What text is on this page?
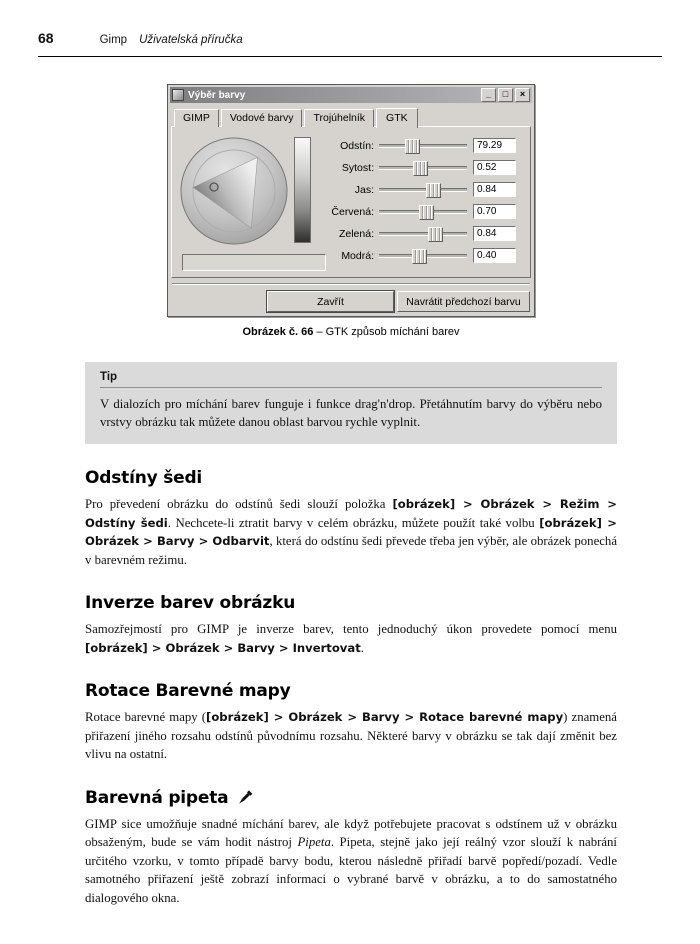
68	Gimp Uživatelská příručka
Výběr barvy	_	□	×
GIMP	Vodové barvy	Trojúhelník	GTK
Odstín:	79.29
Sytost:	0.52
Jas:	0.84
Červená:	0.70
Zelená:	0.84
Modrá:	0.40
Zavřít	Navrátit předchozí barvu
Obrázek č. 66 – GTK způsob míchání barev
Tip

V dialozích pro míchání barev funguje i funkce drag'n'drop. Přetáhnutím barvy do výběru nebo vrstvy obrázku tak můžete danou oblast barvou rychle vyplnit.

Odstíny šedi

Pro převedení obrázku do odstínů šedi slouží položka [obrázek] > Obrázek > Režim > Odstíny šedi. Nechcete-li ztratit barvy v celém obrázku, můžete použít také volbu [obrázek] > Obrázek > Barvy > Odbarvit, která do odstínu šedi převede třeba jen výběr, ale obrázek ponechá v barevném režimu.

Inverze barev obrázku

Samozřejmostí pro GIMP je inverze barev, tento jednoduchý úkon provedete pomocí menu [obrázek] > Obrázek > Barvy > Invertovat.

Rotace Barevné mapy

Rotace barevné mapy ([obrázek] > Obrázek > Barvy > Rotace barevné mapy) znamená přiřazení jiného rozsahu odstínů původnímu rozsahu. Některé barvy v obrázku se tak dají změnit bez vlivu na ostatní.

Barevná pipeta

GIMP sice umožňuje snadné míchání barev, ale když potřebujete pracovat s odstínem už v obrázku obsaženým, bude se vám hodit nástroj Pipeta. Pipeta, stejně jako její reálný vzor slouží k nabrání určitého vzorku, v tomto případě barvy bodu, kterou následně přiřadí barvě popředí/pozadí. Vedle samotného přiřazení ještě zobrazí informaci o vybrané barvě v obrázku, a to do samostatného dialogového okna.
